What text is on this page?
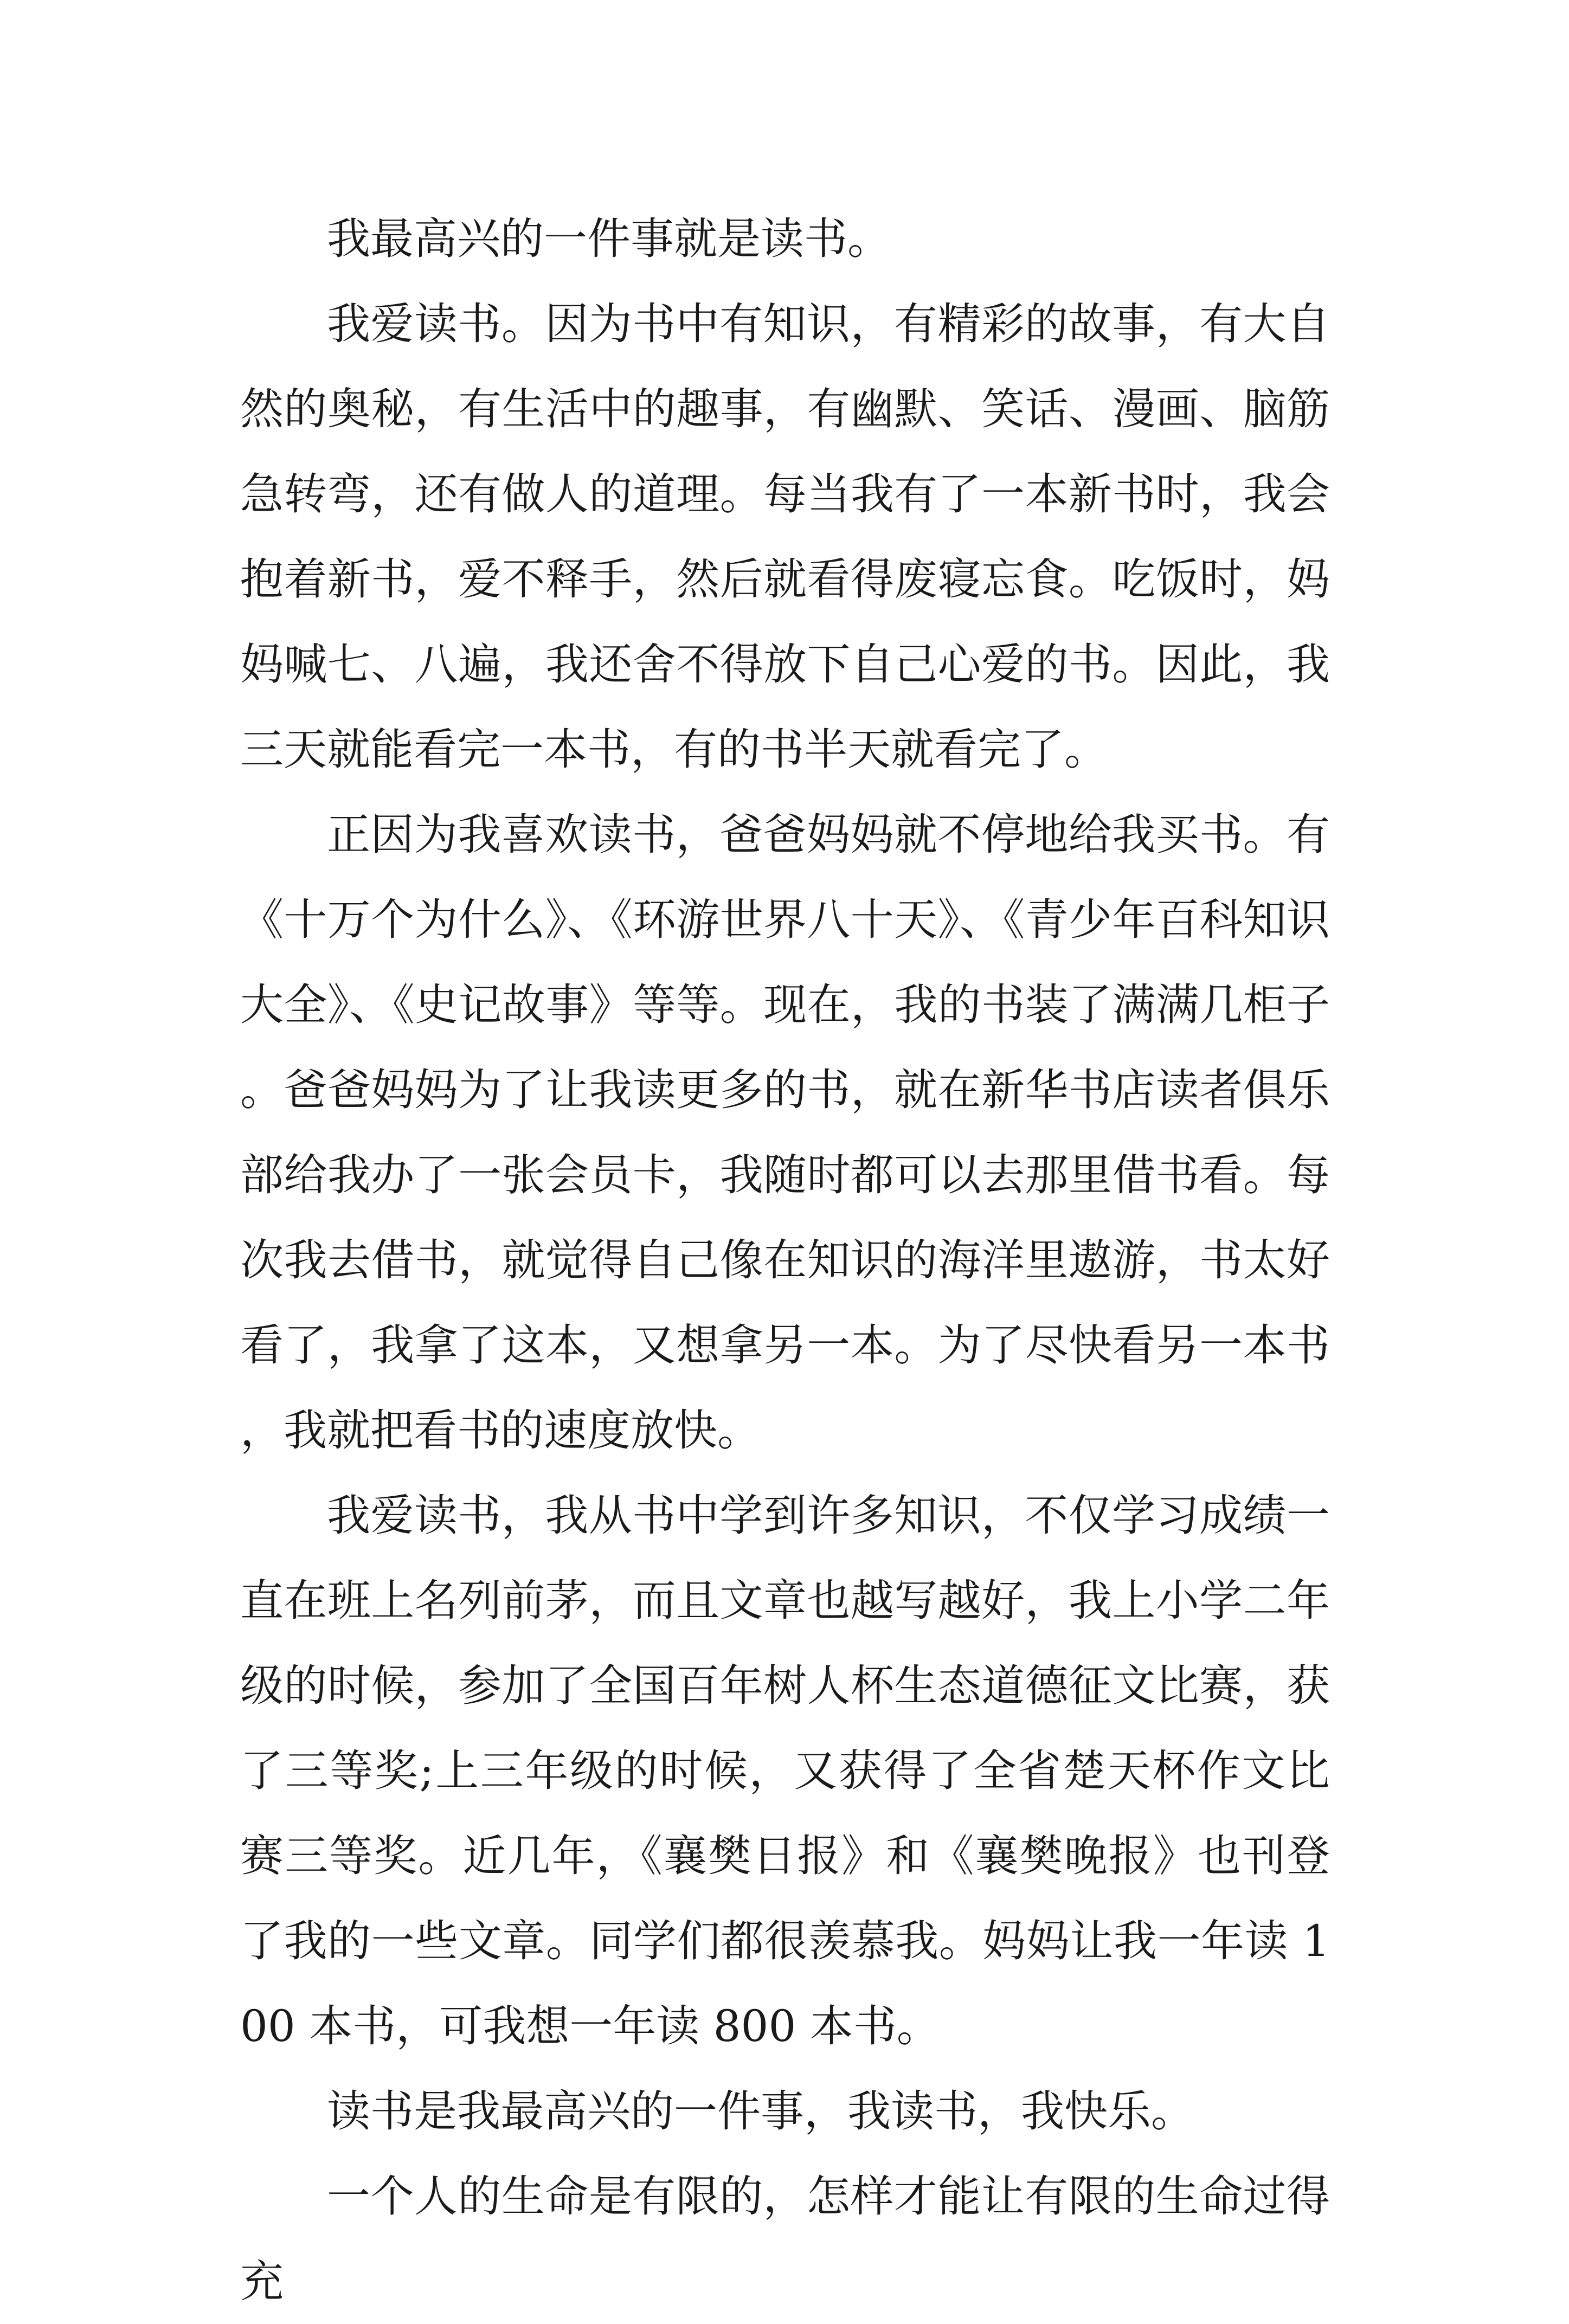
我最高兴的一件事就是读书。

我爱读书。因为书中有知识，有精彩的故事，有大自然的奥秘，有生活中的趣事，有幽默、笑话、漫画、脑筋急转弯，还有做人的道理。每当我有了一本新书时，我会抱着新书，爱不释手，然后就看得废寝忘食。吃饭时，妈妈喊七、八遍，我还舍不得放下自己心爱的书。因此，我三天就能看完一本书，有的书半天就看完了。

正因为我喜欢读书，爸爸妈妈就不停地给我买书。有《十万个为什么》、《环游世界八十天》、《青少年百科知识大全》、《史记故事》等等。现在，我的书装了满满几柜子。爸爸妈妈为了让我读更多的书，就在新华书店读者俱乐部给我办了一张会员卡，我随时都可以去那里借书看。每次我去借书，就觉得自己像在知识的海洋里遨游，书太好看了，我拿了这本，又想拿另一本。为了尽快看另一本书，我就把看书的速度放快。

我爱读书，我从书中学到许多知识，不仅学习成绩一直在班上名列前茅，而且文章也越写越好，我上小学二年级的时候，参加了全国百年树人杯生态道德征文比赛，获了三等奖;上三年级的时候，又获得了全省楚天杯作文比赛三等奖。近几年，《襄樊日报》和《襄樊晚报》也刊登了我的一些文章。同学们都很羡慕我。妈妈让我一年读 100 本书，可我想一年读 800 本书。

读书是我最高兴的一件事，我读书，我快乐。

一个人的生命是有限的，怎样才能让有限的生命过得充
